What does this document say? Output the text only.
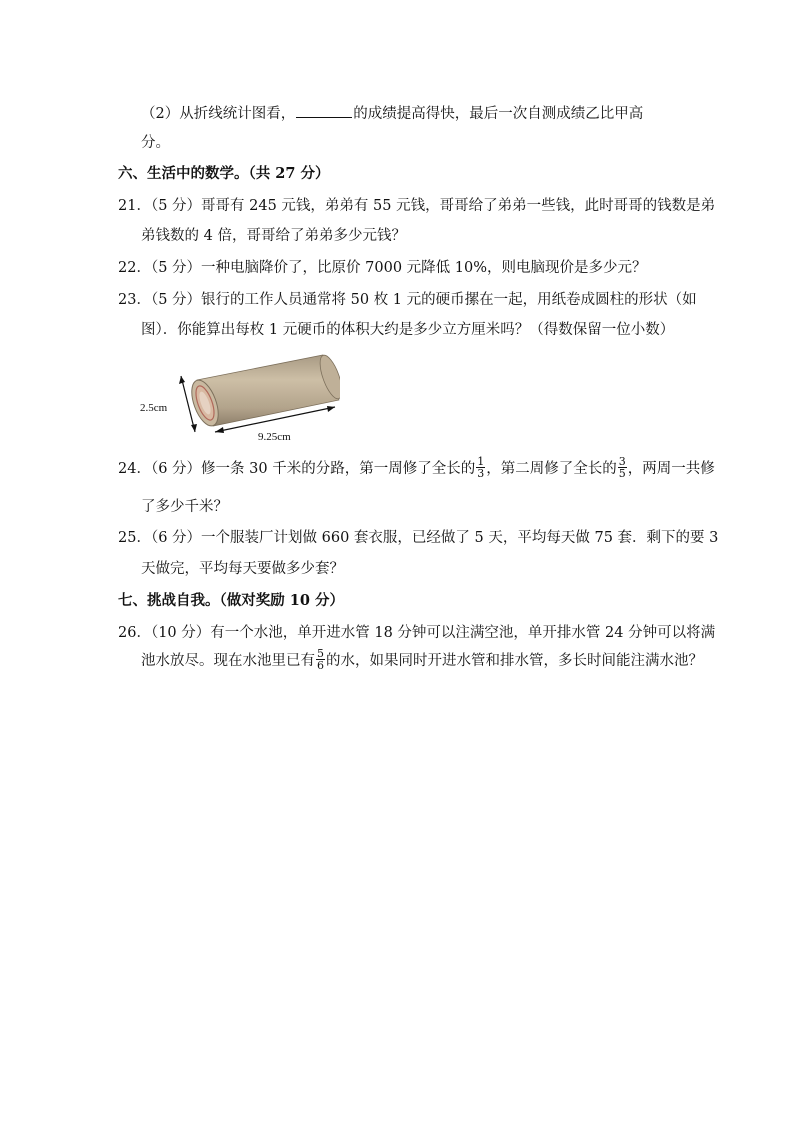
（2）从折线统计图看，	的成绩提高得快，最后一次自测成绩乙比甲高
分。
六、生活中的数学。（共 27 分）
21．（5 分）哥哥有 245 元钱，弟弟有 55 元钱，哥哥给了弟弟一些钱，此时哥哥的钱数是弟
弟钱数的 4 倍，哥哥给了弟弟多少元钱？
22．（5 分）一种电脑降价了，比原价 7000 元降低 10%，则电脑现价是多少元？
23．（5 分）银行的工作人员通常将 50 枚 1 元的硬币摞在一起，用纸卷成圆柱的形状（如
图）．你能算出每枚 1 元硬币的体积大约是多少立方厘米吗？（得数保留一位小数）
2.5cm
9.25cm
24．（6 分）修一条 30 千米的分路，第一周修了全长的 $\frac{1}{3}$ ，第二周修了全长的 $\frac{3}{5}$ ，两周一共修
了多少千米？
25．（6 分）一个服装厂计划做 660 套衣服，已经做了 5 天，平均每天做 75 套．剩下的要 3
天做完，平均每天要做多少套？
七、挑战自我。（做对奖励 10 分）
26．（10 分）有一个水池，单开进水管 18 分钟可以注满空池，单开排水管 24 分钟可以将满
池水放尽。现在水池里已有 $\frac{5}{6}$ 的水，如果同时开进水管和排水管，多长时间能注满水池？
